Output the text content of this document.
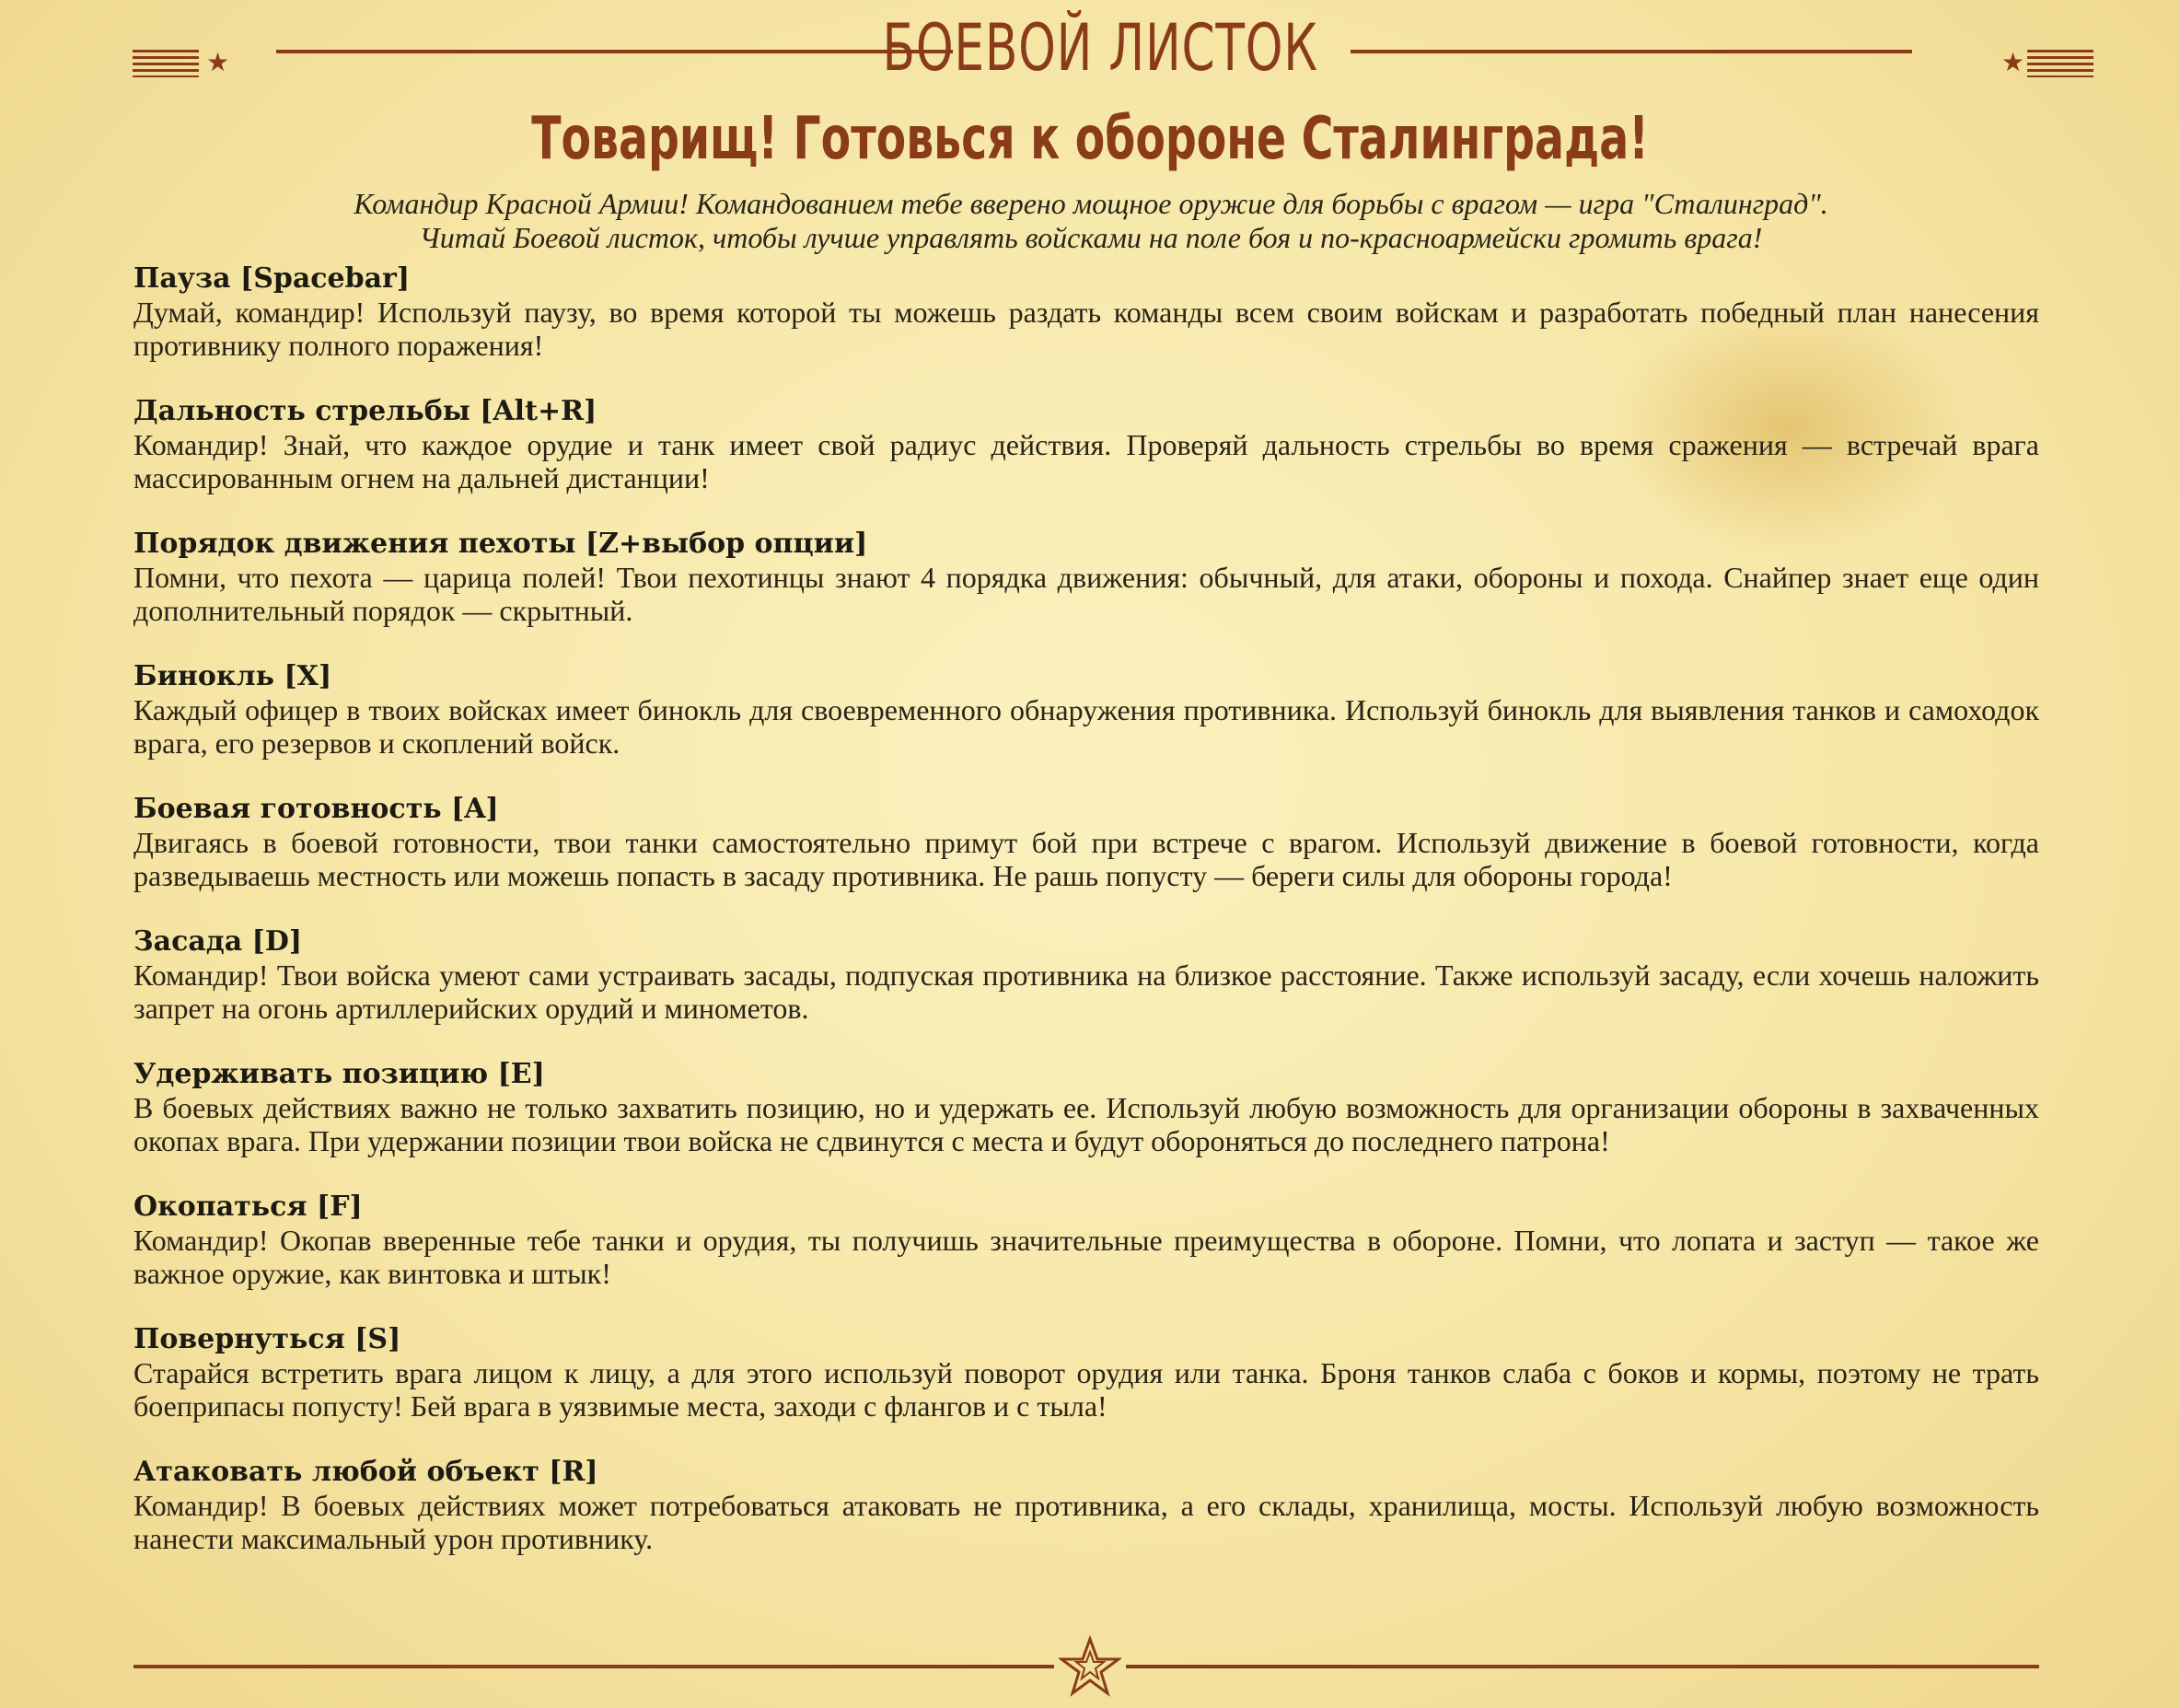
★	★
БОЕВОЙ ЛИСТОК
Товарищ! Готовься к обороне Сталинграда!

Командир Красной Армии! Командованием тебе вверено мощное оружие для борьбы с врагом — игра "Сталинград".

Читай Боевой листок, чтобы лучше управлять войсками на поле боя и по-красноармейски громить врага!

Пауза [Spacebar]

Думай, командир! Используй паузу, во время которой ты можешь раздать команды всем своим войскам и разработать победный план нанесения противнику полного поражения!

Дальность стрельбы [Alt+R]

Командир! Знай, что каждое орудие и танк имеет свой радиус действия. Проверяй дальность стрельбы во время сражения — встречай врага массированным огнем на дальней дистанции!

Порядок движения пехоты [Z+выбор опции]

Помни, что пехота — царица полей! Твои пехотинцы знают 4 порядка движения: обычный, для атаки, обороны и похода. Снайпер знает еще один дополнительный порядок — скрытный.

Бинокль [X]

Каждый офицер в твоих войсках имеет бинокль для своевременного обнаружения противника. Используй бинокль для выявления танков и самоходок врага, его резервов и скоплений войск.

Боевая готовность [A]

Двигаясь в боевой готовности, твои танки самостоятельно примут бой при встрече с врагом. Используй движение в боевой готовности, когда разведываешь местность или можешь попасть в засаду противника. Не рашь попусту — береги силы для обороны города!

Засада [D]

Командир! Твои войска умеют сами устраивать засады, подпуская противника на близкое расстояние. Также используй засаду, если хочешь наложить запрет на огонь артиллерийских орудий и минометов.

Удерживать позицию [E]

В боевых действиях важно не только захватить позицию, но и удержать ее. Используй любую возможность для организации обороны в захваченных окопах врага. При удержании позиции твои войска не сдвинутся с места и будут обороняться до последнего патрона!

Окопаться [F]

Командир! Окопав вверенные тебе танки и орудия, ты получишь значительные преимущества в обороне. Помни, что лопата и заступ — такое же важное оружие, как винтовка и штык!

Повернуться [S]

Старайся встретить врага лицом к лицу, а для этого используй поворот орудия или танка. Броня танков слаба с боков и кормы, поэтому не трать боеприпасы попусту! Бей врага в уязвимые места, заходи с флангов и с тыла!

Атаковать любой объект [R]

Командир! В боевых действиях может потребоваться атаковать не противника, а его склады, хранилища, мосты. Используй любую возможность нанести максимальный урон противнику.
